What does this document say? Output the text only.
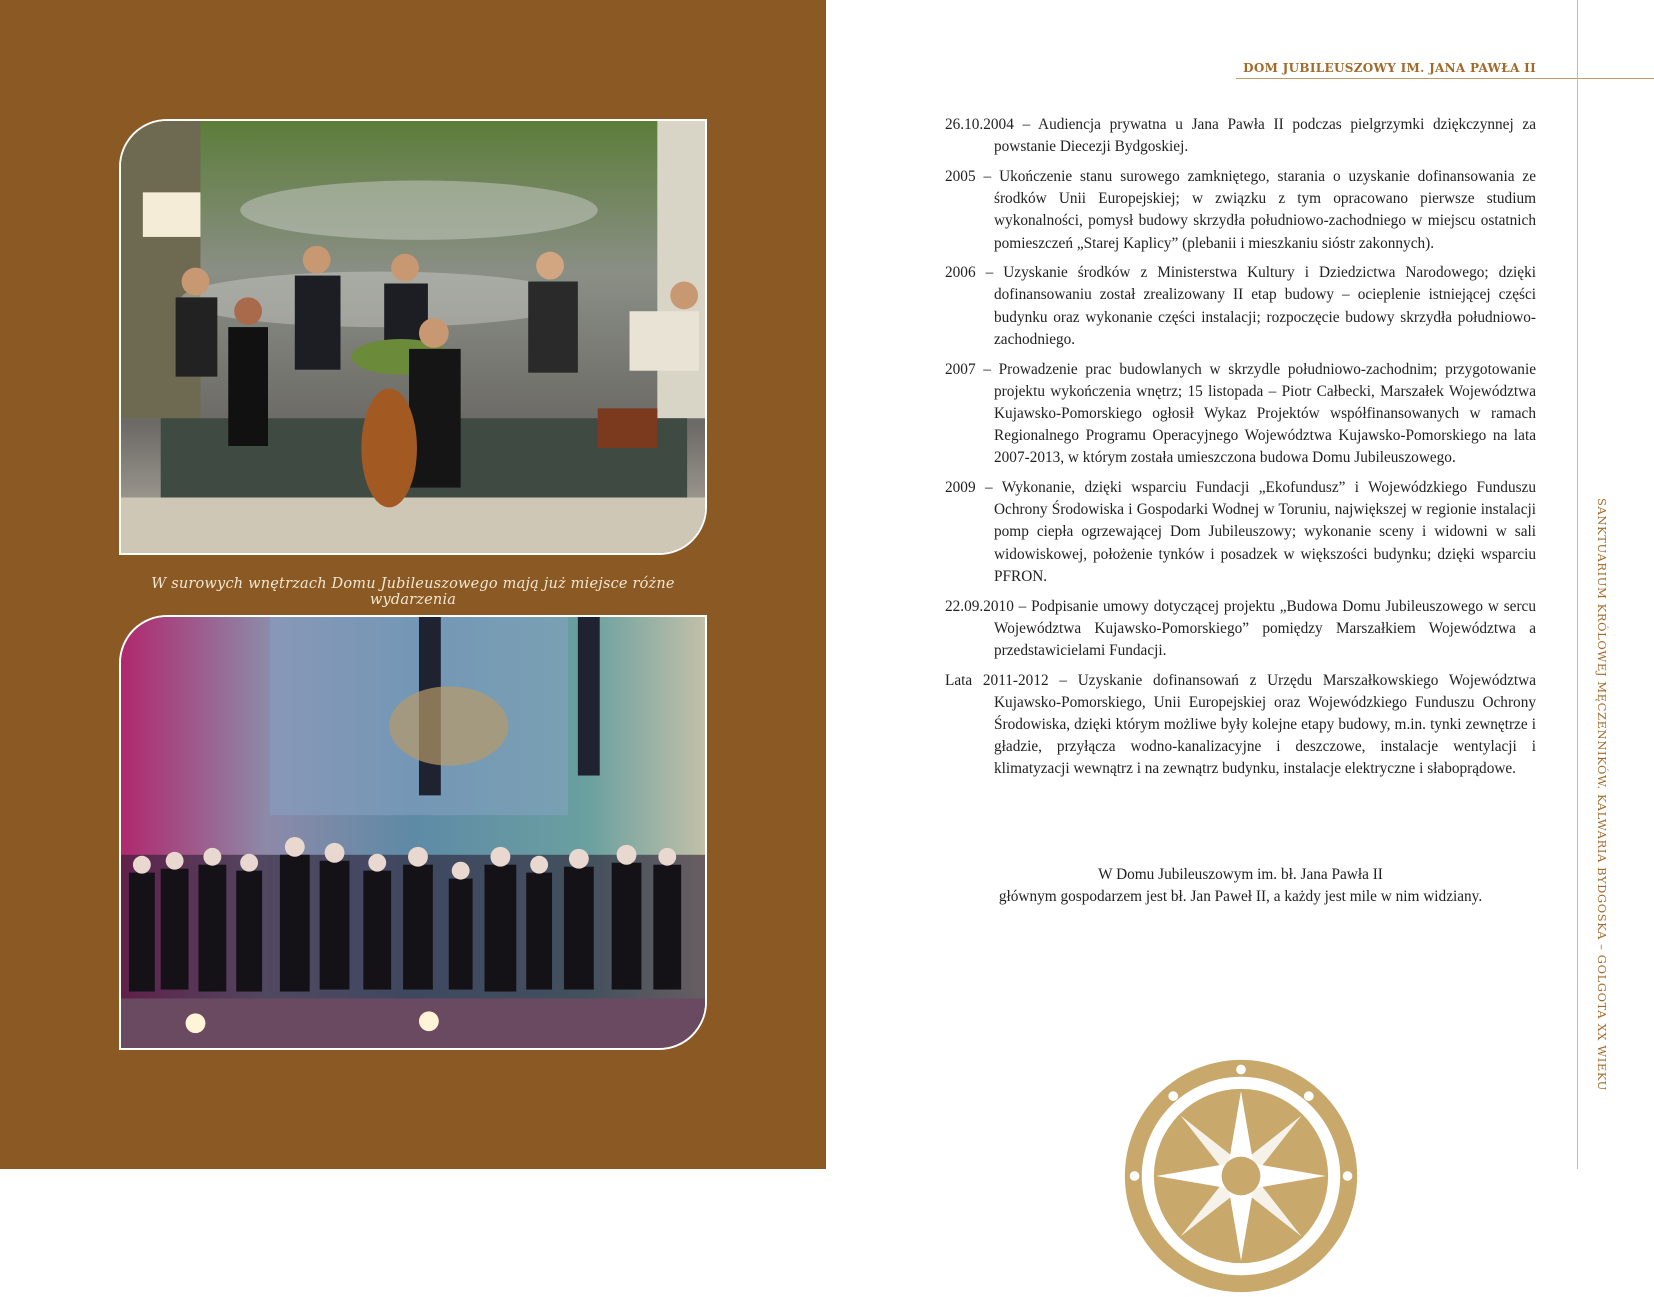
W surowych wnętrzach Domu Jubileuszowego mają już miejsce różne wydarzenia
DOM JUBILEUSZOWY IM. JANA PAWŁA II
SANKTUARIUM KRÓLOWEJ MĘCZENNIKÓW. KALWARIA BYDGOSKA – GOLGOTA XX WIEKU

26.10.2004 – Audiencja prywatna u Jana Pawła II podczas pielgrzymki dziękczynnej za powstanie Diecezji Bydgoskiej.

2005 – Ukończenie stanu surowego zamkniętego, starania o uzyskanie dofinansowania ze środków Unii Europejskiej; w związku z tym opracowano pierwsze studium wykonalności, pomysł budowy skrzydła południowo-zachodniego w miejscu ostatnich pomieszczeń „Starej Kaplicy” (plebanii i mieszkaniu sióstr zakonnych).

2006 – Uzyskanie środków z Ministerstwa Kultury i Dziedzictwa Narodowego; dzięki dofinansowaniu został zrealizowany II etap budowy – ocieplenie istniejącej części budynku oraz wykonanie części instalacji; rozpoczęcie budowy skrzydła południowo-zachodniego.

2007 – Prowadzenie prac budowlanych w skrzydle południowo-zachodnim; przygotowanie projektu wykończenia wnętrz; 15 listopada – Piotr Całbecki, Marszałek Województwa Kujawsko-Pomorskiego ogłosił Wykaz Projektów współfinansowanych w ramach Regionalnego Programu Operacyjnego Województwa Kujawsko-Pomorskiego na lata 2007-2013, w którym została umieszczona budowa Domu Jubileuszowego.

2009 – Wykonanie, dzięki wsparciu Fundacji „Ekofundusz” i Wojewódzkiego Funduszu Ochrony Środowiska i Gospodarki Wodnej w Toruniu, największej w regionie instalacji pomp ciepła ogrzewającej Dom Jubileuszowy; wykonanie sceny i widowni w sali widowiskowej, położenie tynków i posadzek w większości budynku; dzięki wsparciu PFRON.

22.09.2010 – Podpisanie umowy dotyczącej projektu „Budowa Domu Jubileuszowego w sercu Województwa Kujawsko-Pomorskiego” pomiędzy Marszałkiem Województwa a przedstawicielami Fundacji.

Lata 2011-2012 – Uzyskanie dofinansowań z Urzędu Marszałkowskiego Województwa Kujawsko-Pomorskiego, Unii Europejskiej oraz Wojewódzkiego Funduszu Ochrony Środowiska, dzięki którym możliwe były kolejne etapy budowy, m.in. tynki zewnętrze i gładzie, przyłącza wodno-kanalizacyjne i deszczowe, instalacje wentylacji i klimatyzacji wewnątrz i na zewnątrz budynku, instalacje elektryczne i słaboprądowe.

W Domu Jubileuszowym im. bł. Jana Pawła II
głównym gospodarzem jest bł. Jan Paweł II, a każdy jest mile w nim widziany.
